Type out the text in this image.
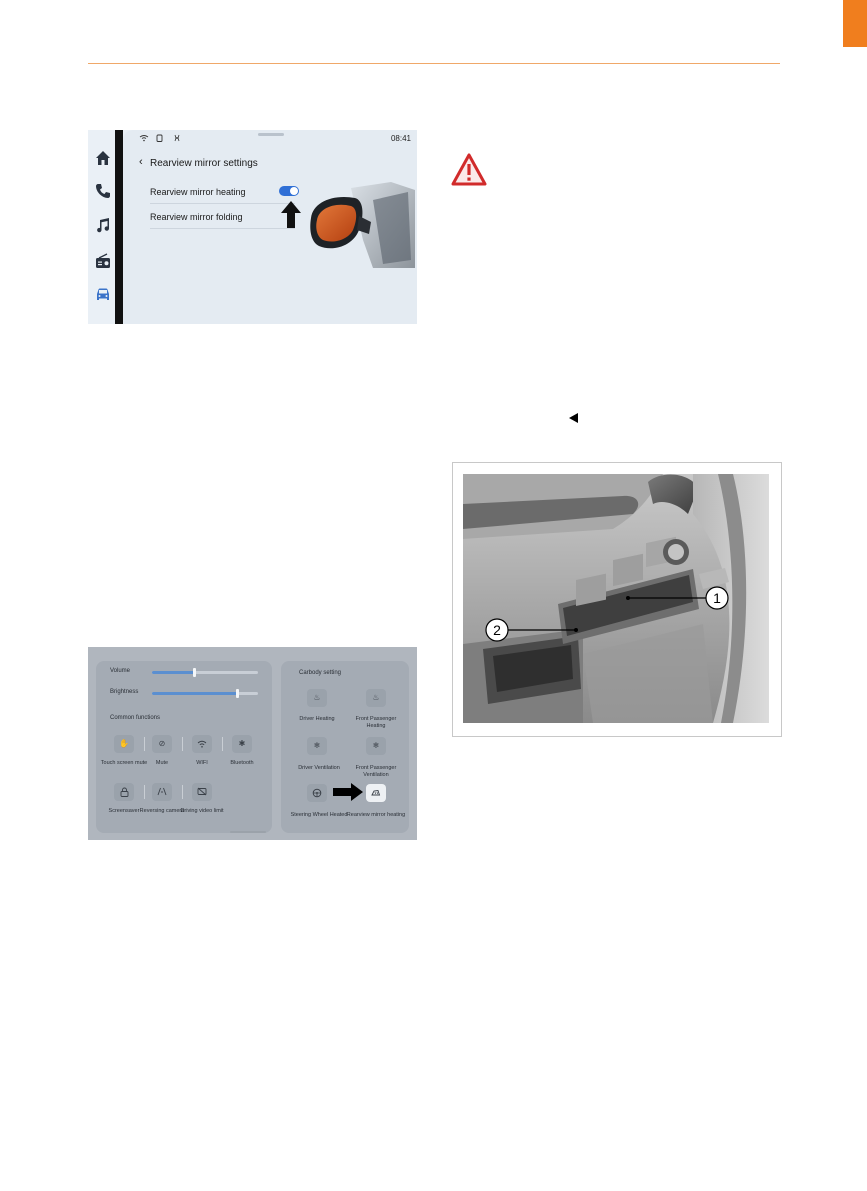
08:41
‹ Rearview mirror settings
Rearview mirror heating
Rearview mirror folding
Volume
Brightness
Common functions
✋	⊘	✱
Touch screen mute	Mute	WIFI	Bluetooth
Screensaver Reversing camera
Driving video limit
Carbody setting
♨	♨
Driver Heating	Front Passenger Heating
❄	❄
Driver Ventilation	Front Passenger Ventilation
Steering Wheel Heated Rearview mirror heating
1
2
